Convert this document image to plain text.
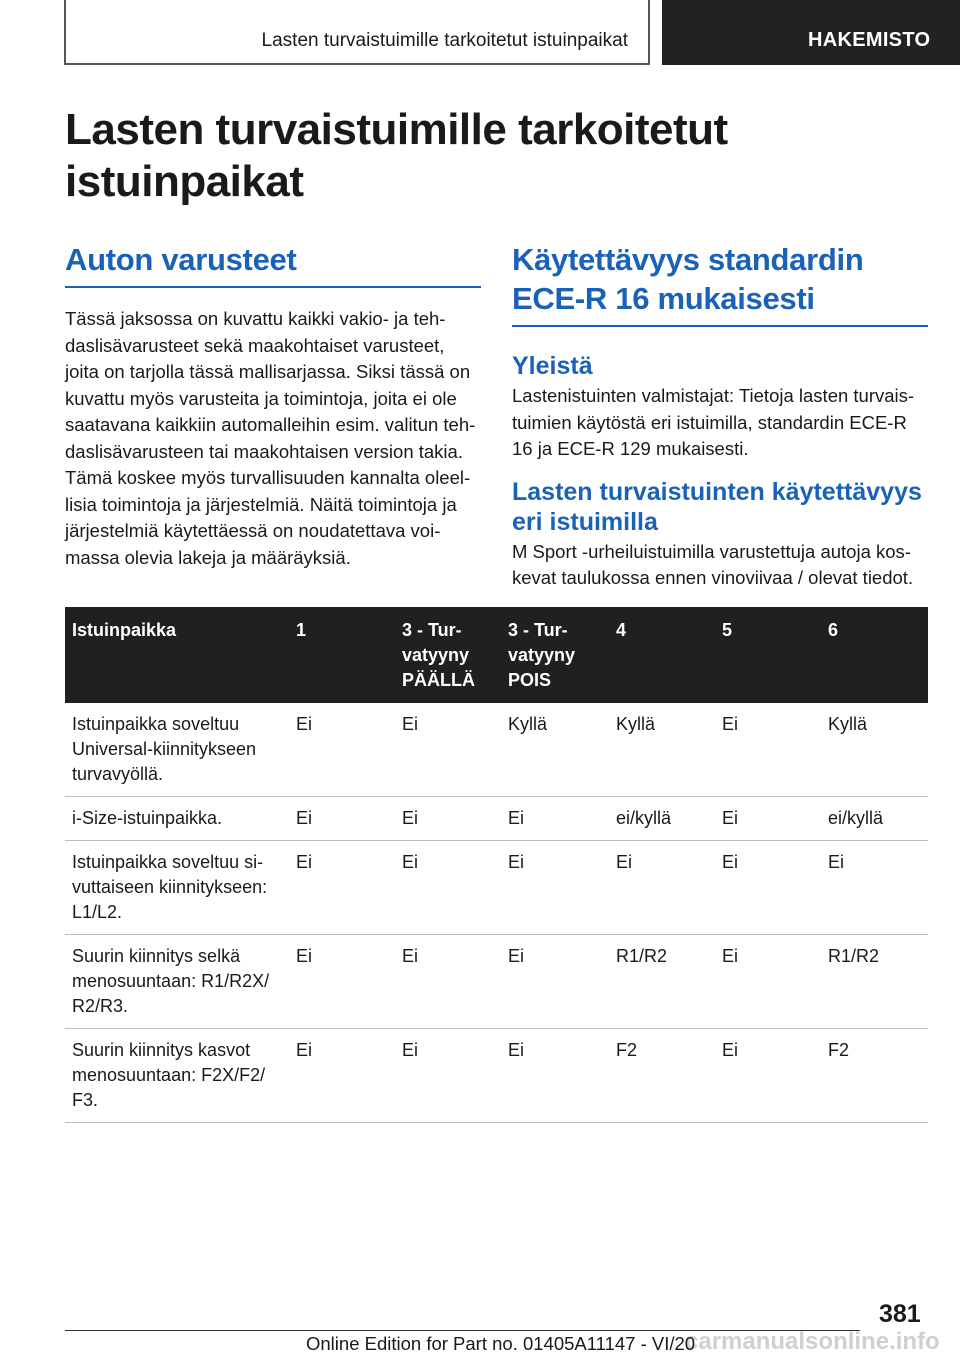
Lasten turvaistuimille tarkoitetut istuinpaikat	HAKEMISTO
Lasten turvaistuimille tarkoitetut istuinpaikat
Auton varusteet

Tässä jaksossa on kuvattu kaikki vakio- ja tehdaslisävarusteet sekä maakohtaiset varusteet, joita on tarjolla tässä mallisarjassa. Siksi tässä on kuvattu myös varusteita ja toimintoja, joita ei ole saatavana kaikkiin automalleihin esim. valitun tehdaslisävarusteen tai maakohtaisen version takia. Tämä koskee myös turvallisuuden kannalta oleellisia toimintoja ja järjestelmiä. Näitä toimintoja ja järjestelmiä käytettäessä on noudatettava voimassa olevia lakeja ja määräyksiä.

Käytettävyys standardin ECE-R 16 mukaisesti
Yleistä

Lastenistuinten valmistajat: Tietoja lasten turvaistuimien käytöstä eri istuimilla, standardin ECE-R 16 ja ECE-R 129 mukaisesti.

Lasten turvaistuinten käytettävyys eri istuimilla

M Sport -urheiluistuimilla varustettuja autoja koskevat taulukossa ennen vinoviivaa / olevat tiedot.

Istuinpaikka	1	3 - Turvatyyny PÄÄLLÄ	3 - Turvatyyny POIS	4	5	6
Istuinpaikka soveltuu Universal-kiinnitykseen turvavyöllä.	Ei	Ei	Kyllä	Kyllä	Ei	Kyllä
i-Size-istuinpaikka.	Ei	Ei	Ei	ei/kyllä	Ei	ei/kyllä
Istuinpaikka soveltuu sivuttaiseen kiinnitykseen: L1/L2.	Ei	Ei	Ei	Ei	Ei	Ei
Suurin kiinnitys selkä menosuuntaan: R1/R2X/ R2/R3.	Ei	Ei	Ei	R1/R2	Ei	R1/R2
Suurin kiinnitys kasvot menosuuntaan: F2X/F2/ F3.	Ei	Ei	Ei	F2	Ei	F2
381
carmanualsonline.info
Online Edition for Part no. 01405A11147 - VI/20
